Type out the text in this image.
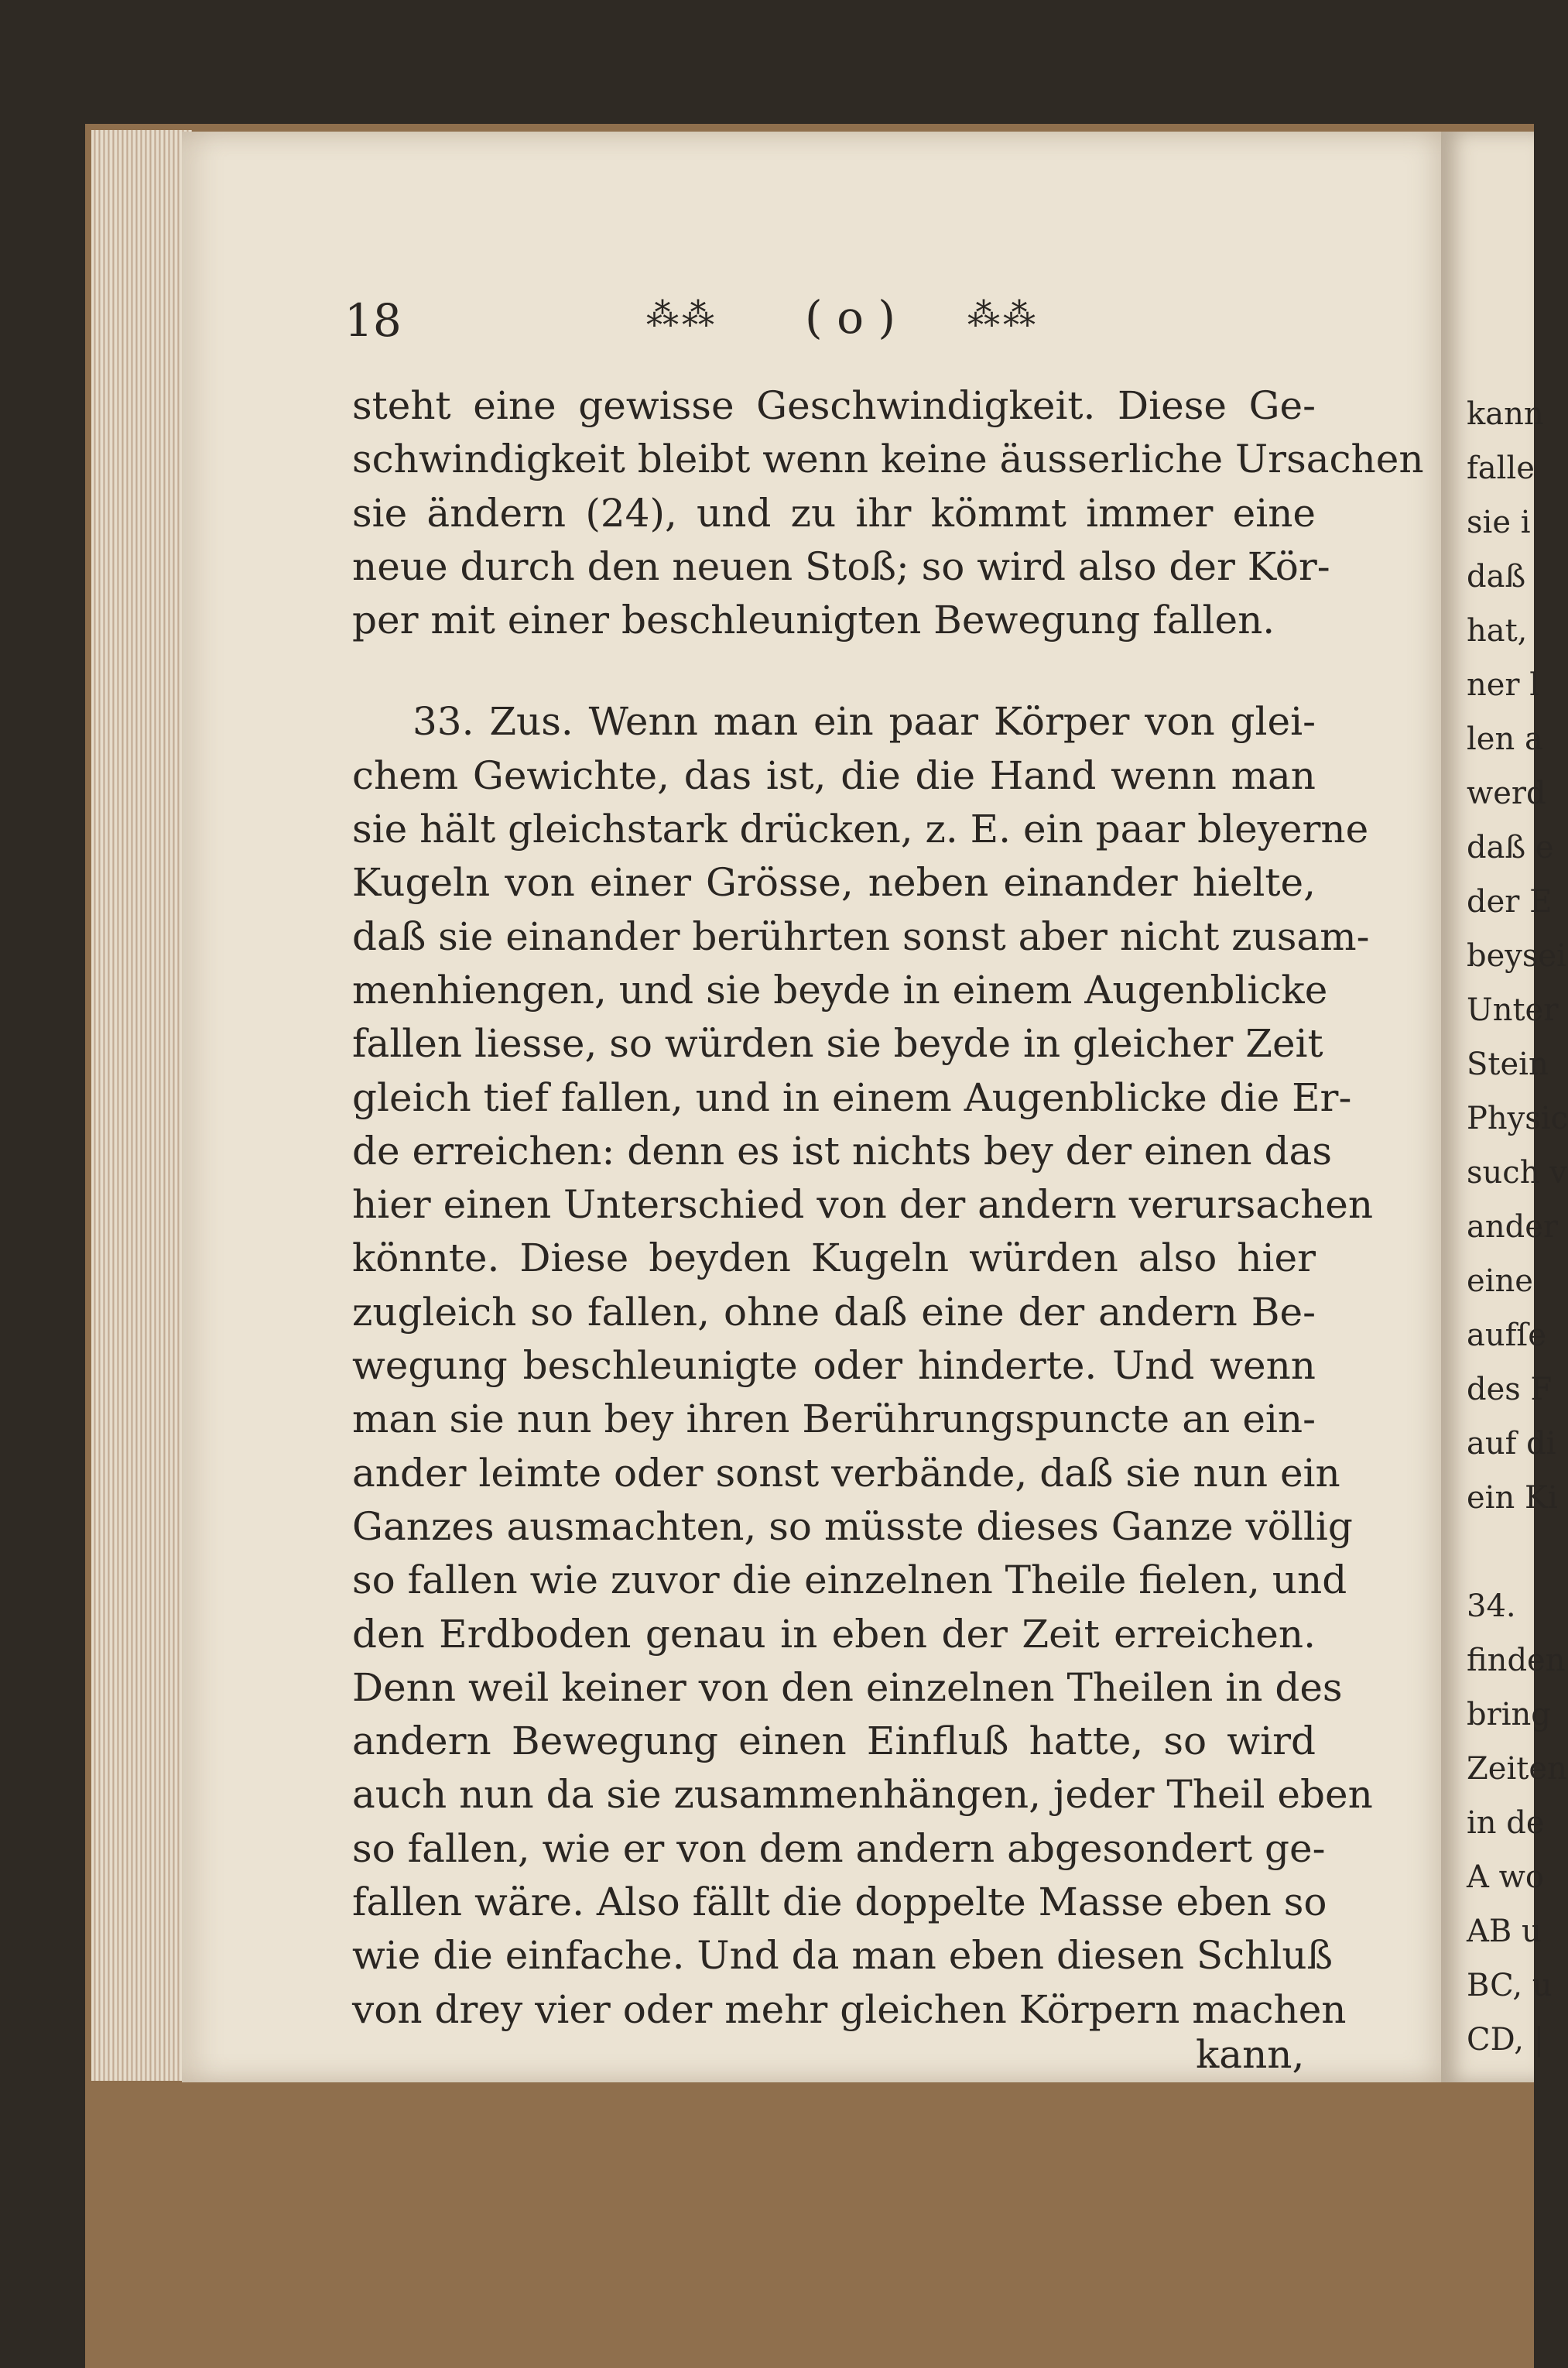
18	⁂⁂ ( o ) ⁂⁂
steht eine gewisse Geschwindigkeit. Diese Ge-
schwindigkeit bleibt wenn keine äusserliche Ursachen
sie ändern (24), und zu ihr kömmt immer eine
neue durch den neuen Stoß; so wird also der Kör-
per mit einer beschleunigten Bewegung fallen.
33. Zus. Wenn man ein paar Körper von glei-
chem Gewichte, das ist, die die Hand wenn man
sie hält gleichstark drücken, z. E. ein paar bleyerne
Kugeln von einer Grösse, neben einander hielte,
daß sie einander berührten sonst aber nicht zusam-
menhiengen, und sie beyde in einem Augenblicke
fallen liesse, so würden sie beyde in gleicher Zeit
gleich tief fallen, und in einem Augenblicke die Er-
de erreichen: denn es ist nichts bey der einen das
hier einen Unterschied von der andern verursachen
könnte. Diese beyden Kugeln würden also hier
zugleich so fallen, ohne daß eine der andern Be-
wegung beschleunigte oder hinderte. Und wenn
man sie nun bey ihren Berührungspuncte an ein-
ander leimte oder sonst verbände, daß sie nun ein
Ganzes ausmachten, so müsste dieses Ganze völlig
so fallen wie zuvor die einzelnen Theile fielen, und
den Erdboden genau in eben der Zeit erreichen.
Denn weil keiner von den einzelnen Theilen in des
andern Bewegung einen Einfluß hatte, so wird
auch nun da sie zusammenhängen, jeder Theil eben
so fallen, wie er von dem andern abgesondert ge-
fallen wäre. Also fällt die doppelte Masse eben so
wie die einfache. Und da man eben diesen Schluß
von drey vier oder mehr gleichen Körpern machen
kann,
kann
falle
sie i
daß
hat,
ner l
len a
werd
daß e
der E
beysei
Unter
Stein
Physic
such v
ander
eine
aufſe
des F
auf di
ein Ki

34.
finden
bring
Zeiten
in de
A wo
AB u
BC, u
CD, |
